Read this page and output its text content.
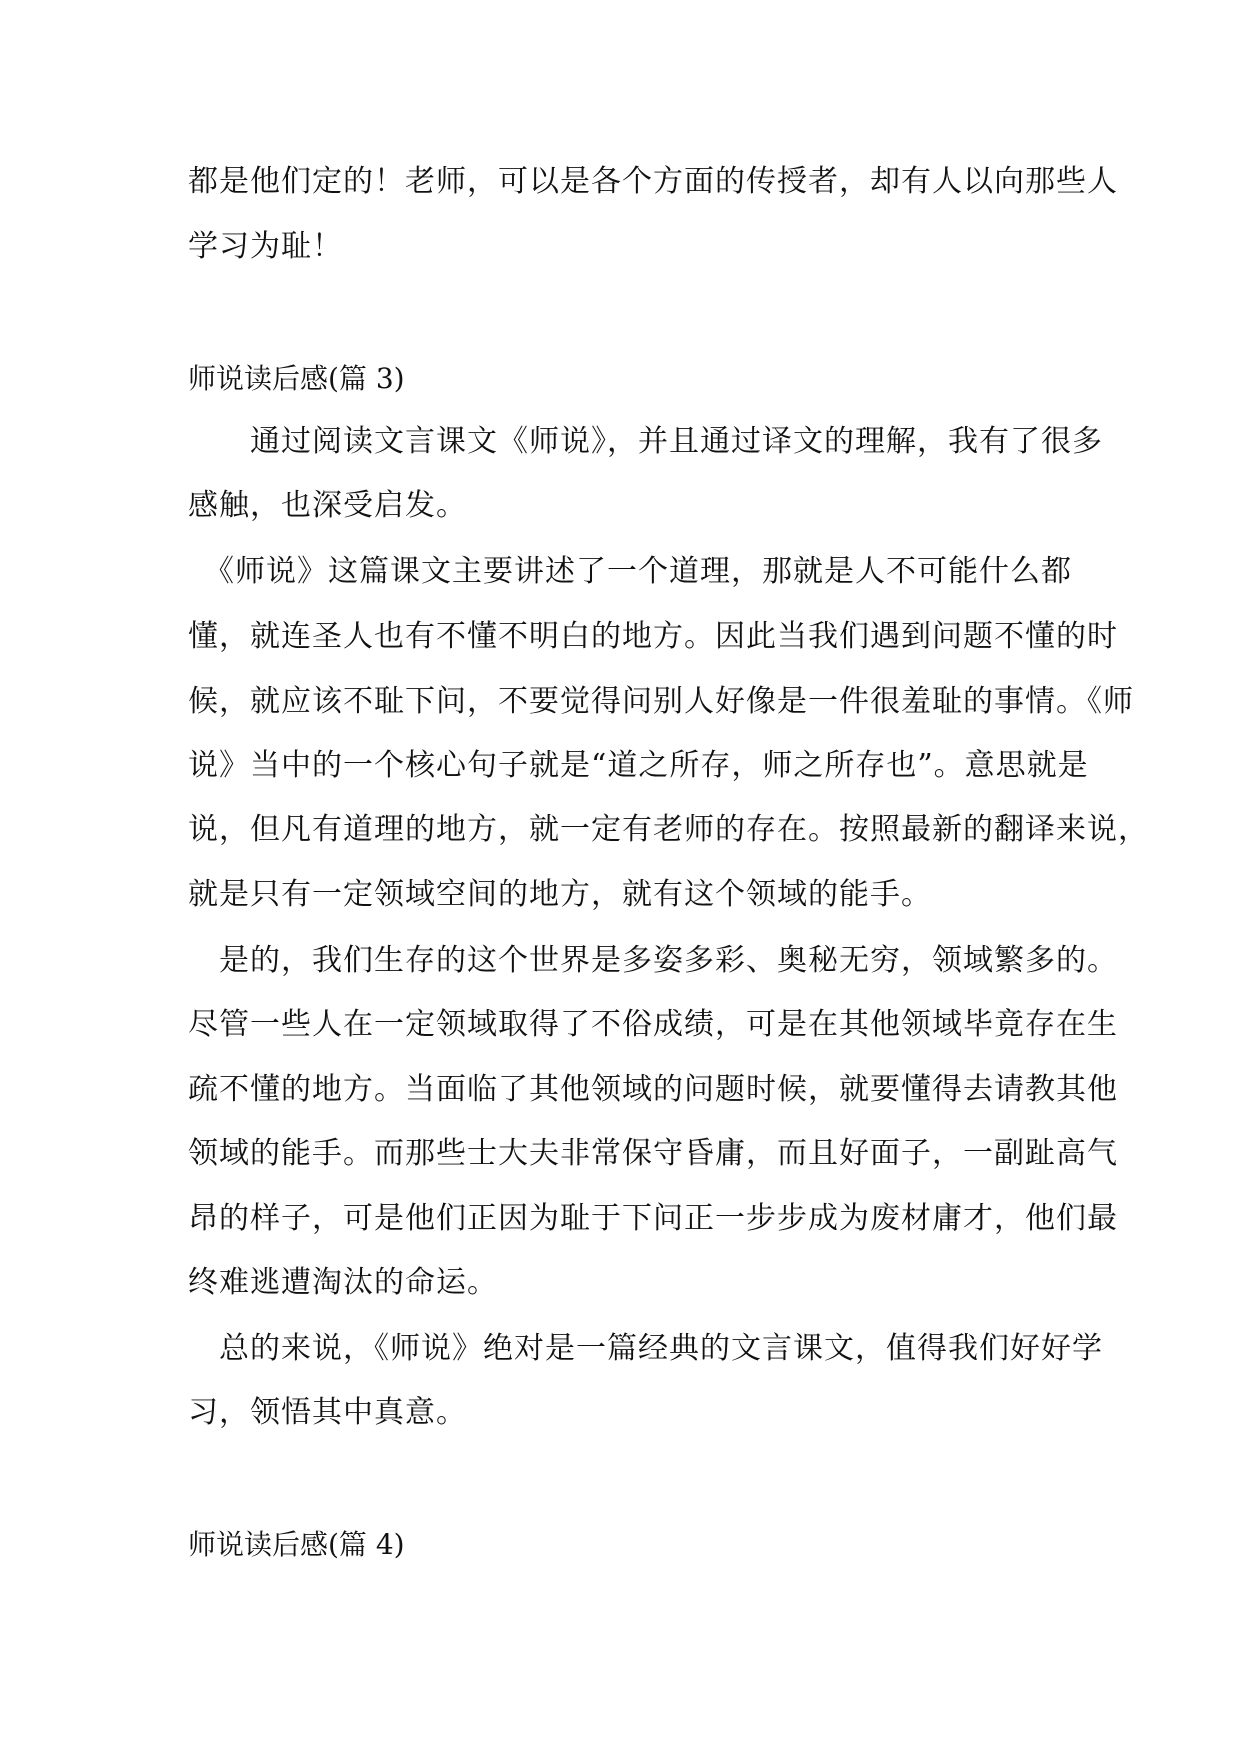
都是他们定的！老师，可以是各个方面的传授者，却有人以向那些人
学习为耻！
师说读后感(篇 3)
　　通过阅读文言课文《师说》，并且通过译文的理解，我有了很多
感触，也深受启发。
　《师说》这篇课文主要讲述了一个道理，那就是人不可能什么都
懂，就连圣人也有不懂不明白的地方。因此当我们遇到问题不懂的时
候，就应该不耻下问，不要觉得问别人好像是一件很羞耻的事情。《师
说》当中的一个核心句子就是“道之所存，师之所存也”。意思就是
说，但凡有道理的地方，就一定有老师的存在。按照最新的翻译来说，
就是只有一定领域空间的地方，就有这个领域的能手。
　是的，我们生存的这个世界是多姿多彩、奥秘无穷，领域繁多的。
尽管一些人在一定领域取得了不俗成绩，可是在其他领域毕竟存在生
疏不懂的地方。当面临了其他领域的问题时候，就要懂得去请教其他
领域的能手。而那些士大夫非常保守昏庸，而且好面子，一副趾高气
昂的样子，可是他们正因为耻于下问正一步步成为废材庸才，他们最
终难逃遭淘汰的命运。
　总的来说，《师说》绝对是一篇经典的文言课文，值得我们好好学
习，领悟其中真意。
师说读后感(篇 4)
